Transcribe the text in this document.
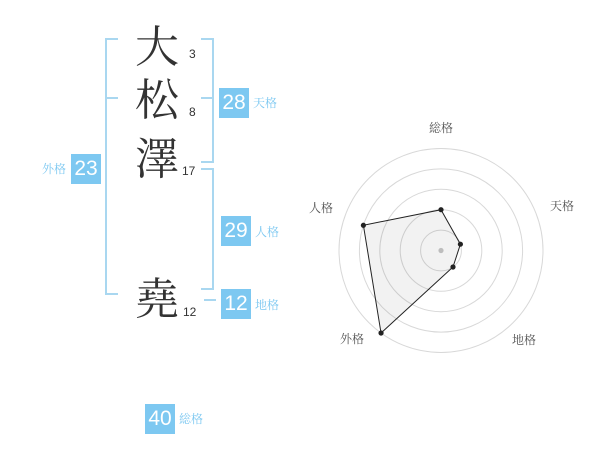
大
松
澤
堯
3
8
17
12
23
外格
28 天格
29 人格
12 地格
40 総格
総格
天格
地格
外格
人格
